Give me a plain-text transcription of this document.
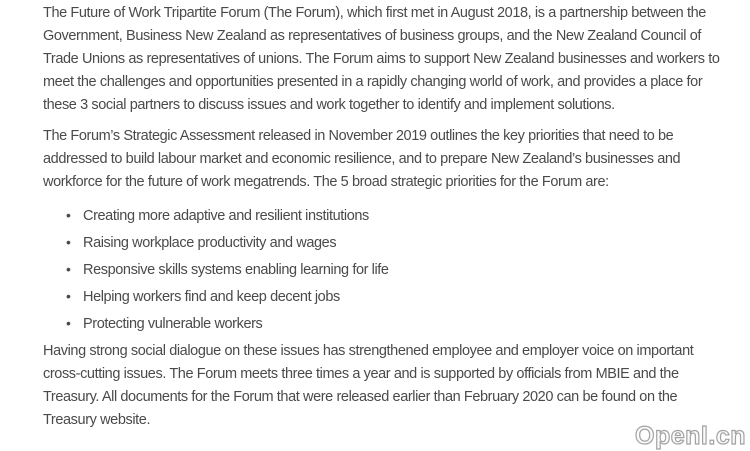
The Future of Work Tripartite Forum (The Forum), which first met in August 2018, is a partnership between the Government, Business New Zealand as representatives of business groups, and the New Zealand Council of Trade Unions as representatives of unions. The Forum aims to support New Zealand businesses and workers to meet the challenges and opportunities presented in a rapidly changing world of work, and provides a place for these 3 social partners to discuss issues and work together to identify and implement solutions.

The Forum’s Strategic Assessment released in November 2019 outlines the key priorities that need to be addressed to build labour market and economic resilience, and to prepare New Zealand’s businesses and workforce for the future of work megatrends. The 5 broad strategic priorities for the Forum are:

• Creating more adaptive and resilient institutions
• Raising workplace productivity and wages
• Responsive skills systems enabling learning for life
• Helping workers find and keep decent jobs
• Protecting vulnerable workers

Having strong social dialogue on these issues has strengthened employee and employer voice on important cross-cutting issues. The Forum meets three times a year and is supported by officials from MBIE and the Treasury. All documents for the Forum that were released earlier than February 2020 can be found on the Treasury website.

Openl.cn
